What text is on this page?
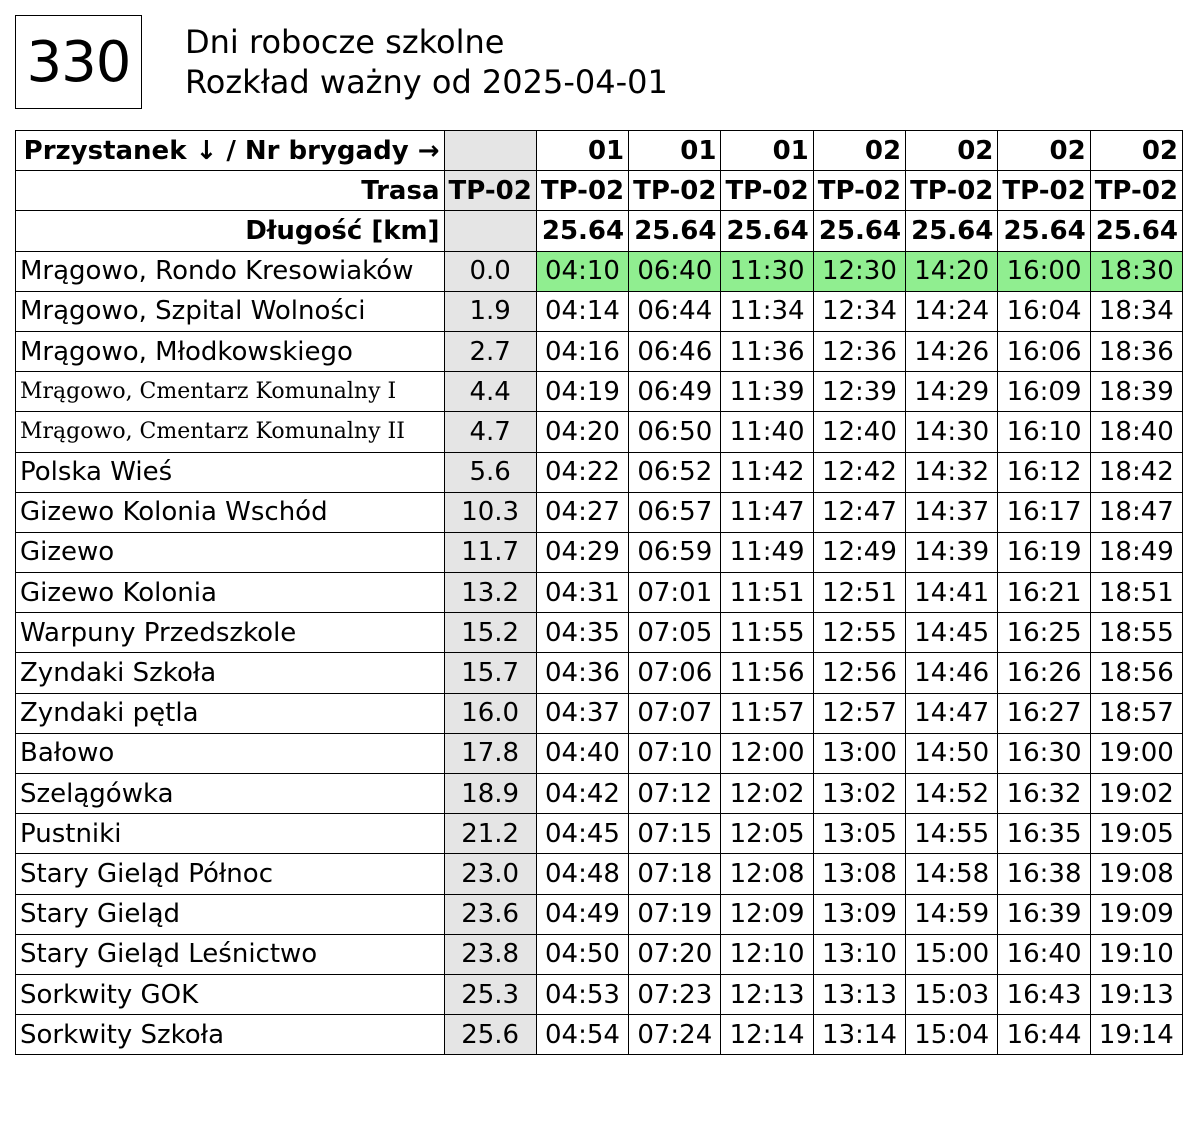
330 Dni robocze szkolne
Rozkład ważny od 2025-04-01
Przystanek ↓ / Nr brygady →		01	01	01	02	02	02	02
Trasa	TP-02	TP-02	TP-02	TP-02	TP-02	TP-02	TP-02	TP-02
Długość [km]		25.64	25.64	25.64	25.64	25.64	25.64	25.64
Mrągowo, Rondo Kresowiaków	0.0	04:10	06:40	11:30	12:30	14:20	16:00	18:30
Mrągowo, Szpital Wolności	1.9	04:14	06:44	11:34	12:34	14:24	16:04	18:34
Mrągowo, Młodkowskiego	2.7	04:16	06:46	11:36	12:36	14:26	16:06	18:36
Mrągowo, Cmentarz Komunalny I	4.4	04:19	06:49	11:39	12:39	14:29	16:09	18:39
Mrągowo, Cmentarz Komunalny II	4.7	04:20	06:50	11:40	12:40	14:30	16:10	18:40
Polska Wieś	5.6	04:22	06:52	11:42	12:42	14:32	16:12	18:42
Gizewo Kolonia Wschód	10.3	04:27	06:57	11:47	12:47	14:37	16:17	18:47
Gizewo	11.7	04:29	06:59	11:49	12:49	14:39	16:19	18:49
Gizewo Kolonia	13.2	04:31	07:01	11:51	12:51	14:41	16:21	18:51
Warpuny Przedszkole	15.2	04:35	07:05	11:55	12:55	14:45	16:25	18:55
Zyndaki Szkoła	15.7	04:36	07:06	11:56	12:56	14:46	16:26	18:56
Zyndaki pętla	16.0	04:37	07:07	11:57	12:57	14:47	16:27	18:57
Bałowo	17.8	04:40	07:10	12:00	13:00	14:50	16:30	19:00
Szelągówka	18.9	04:42	07:12	12:02	13:02	14:52	16:32	19:02
Pustniki	21.2	04:45	07:15	12:05	13:05	14:55	16:35	19:05
Stary Gieląd Północ	23.0	04:48	07:18	12:08	13:08	14:58	16:38	19:08
Stary Gieląd	23.6	04:49	07:19	12:09	13:09	14:59	16:39	19:09
Stary Gieląd Leśnictwo	23.8	04:50	07:20	12:10	13:10	15:00	16:40	19:10
Sorkwity GOK	25.3	04:53	07:23	12:13	13:13	15:03	16:43	19:13
Sorkwity Szkoła	25.6	04:54	07:24	12:14	13:14	15:04	16:44	19:14
